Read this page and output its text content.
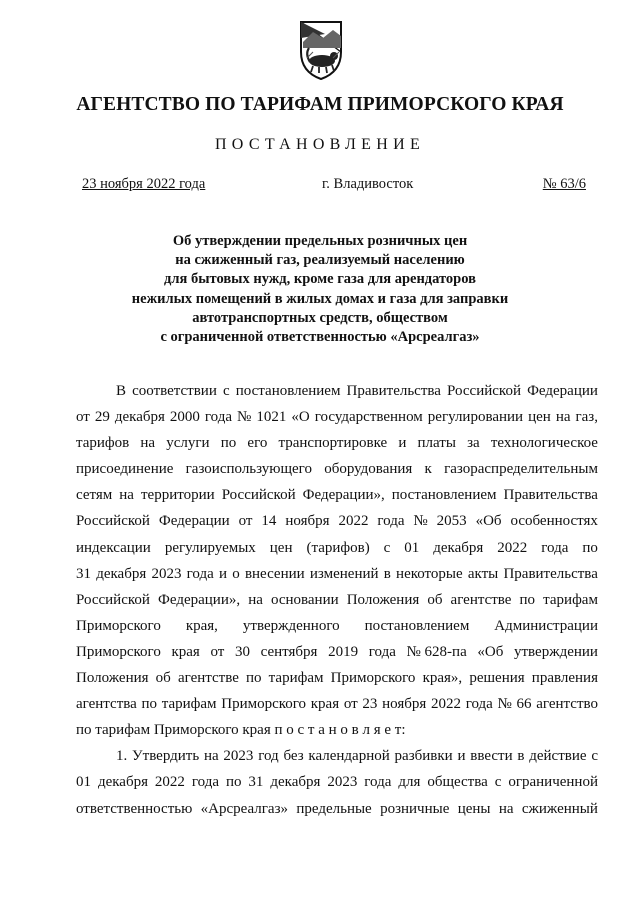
АГЕНТСТВО ПО ТАРИФАМ ПРИМОРСКОГО КРАЯ
ПОСТАНОВЛЕНИЕ
23 ноября 2022 года	г. Владивосток	№ 63/6
Об утверждении предельных розничных цен
на сжиженный газ, реализуемый населению
для бытовых нужд, кроме газа для арендаторов
нежилых помещений в жилых домах и газа для заправки
автотранспортных средств, обществом
с ограниченной ответственностью «Арсреалгаз»
В соответствии с постановлением Правительства Российской Федерации
от 29 декабря 2000 года № 1021 «О государственном регулировании цен на газ,
тарифов на услуги по его транспортировке и платы за технологическое
присоединение газоиспользующего оборудования к газораспределительным
сетям на территории Российской Федерации», постановлением Правительства
Российской Федерации от 14 ноября 2022 года № 2053 «Об особенностях
индексации регулируемых цен (тарифов) с 01 декабря 2022 года по
31 декабря 2023 года и о внесении изменений в некоторые акты Правительства
Российской Федерации», на основании Положения об агентстве по тарифам
Приморского края, утвержденного постановлением Администрации
Приморского края от 30 сентября 2019 года № 628-па «Об утверждении
Положения об агентстве по тарифам Приморского края», решения правления
агентства по тарифам Приморского края от 23 ноября 2022 года № 66 агентство
по тарифам Приморского края п о с т а н о в л я е т:
1. Утвердить на 2023 год без календарной разбивки и ввести в действие с
01 декабря 2022 года по 31 декабря 2023 года для общества с ограниченной
ответственностью «Арсреалгаз» предельные розничные цены на сжиженный
